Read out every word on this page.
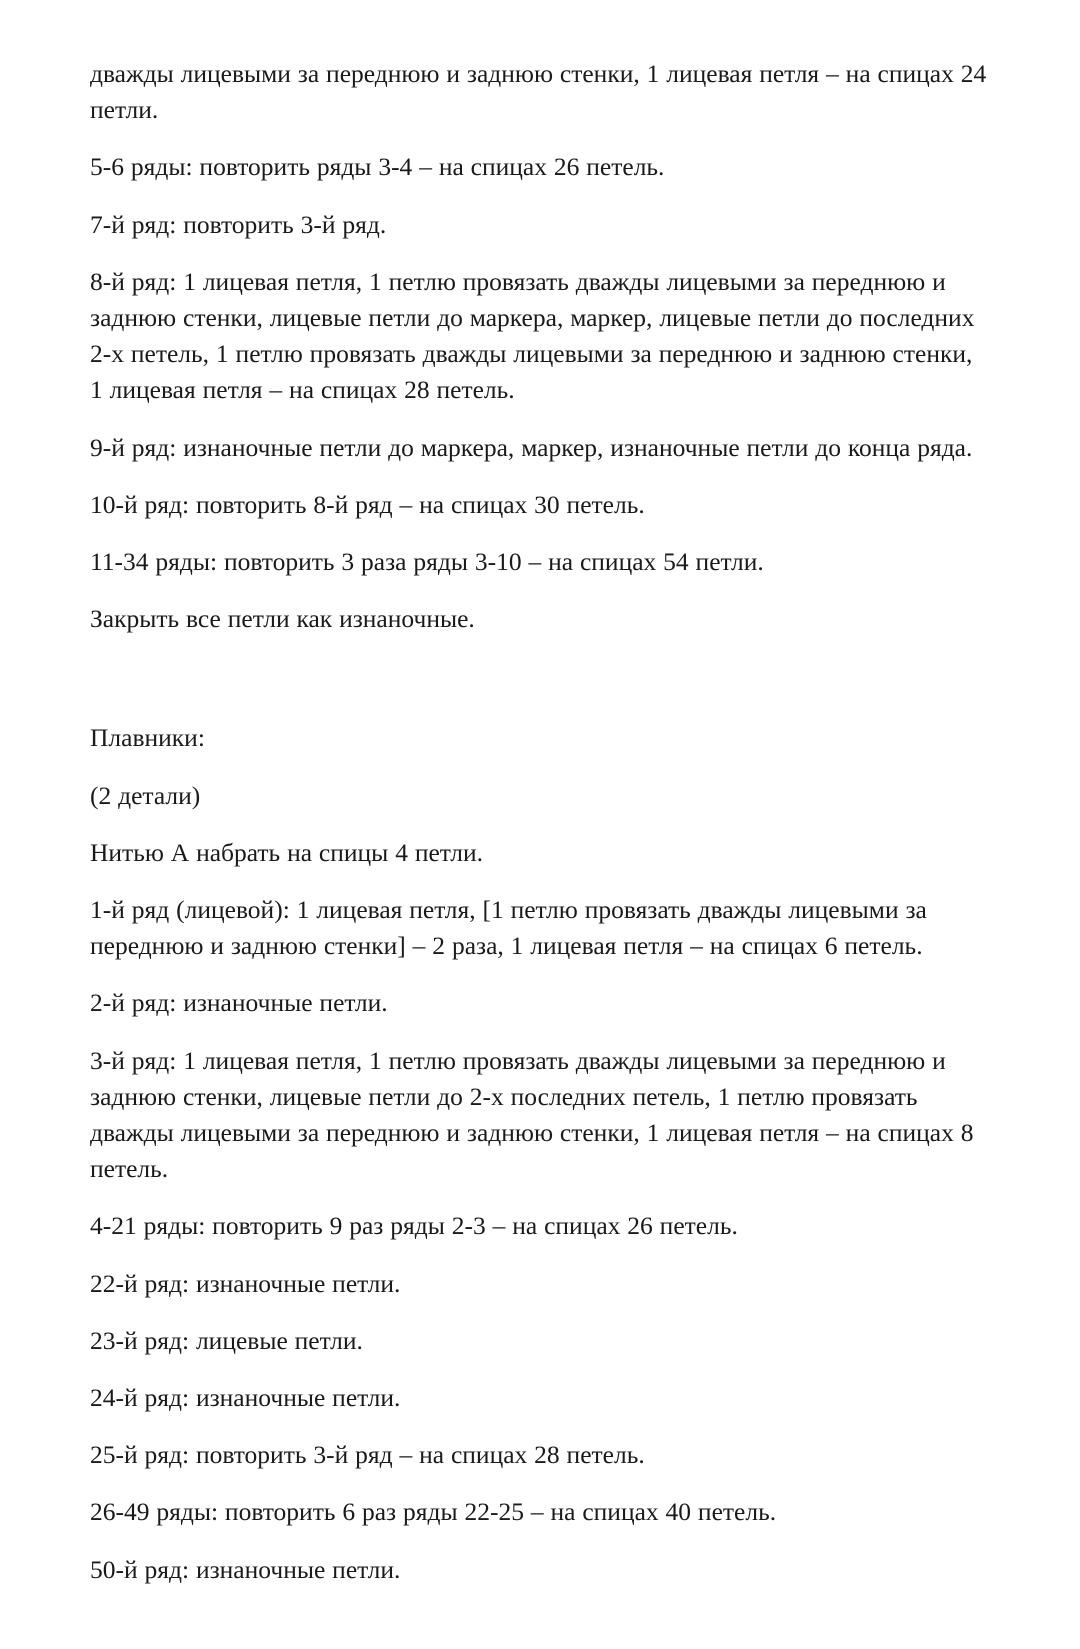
дважды лицевыми за переднюю и заднюю стенки, 1 лицевая петля – на спицах 24 петли.

5-6 ряды: повторить ряды 3-4 – на спицах 26 петель.

7-й ряд: повторить 3-й ряд.

8-й ряд: 1 лицевая петля, 1 петлю провязать дважды лицевыми за переднюю и заднюю стенки, лицевые петли до маркера, маркер, лицевые петли до последних 2-х петель, 1 петлю провязать дважды лицевыми за переднюю и заднюю стенки, 1 лицевая петля – на спицах 28 петель.

9-й ряд: изнаночные петли до маркера, маркер, изнаночные петли до конца ряда.

10-й ряд: повторить 8-й ряд – на спицах 30 петель.

11-34 ряды: повторить 3 раза ряды 3-10 – на спицах 54 петли.

Закрыть все петли как изнаночные.

Плавники:

(2 детали)

Нитью А набрать на спицы 4 петли.

1-й ряд (лицевой): 1 лицевая петля, [1 петлю провязать дважды лицевыми за переднюю и заднюю стенки] – 2 раза, 1 лицевая петля – на спицах 6 петель.

2-й ряд: изнаночные петли.

3-й ряд: 1 лицевая петля, 1 петлю провязать дважды лицевыми за переднюю и заднюю стенки, лицевые петли до 2-х последних петель, 1 петлю провязать дважды лицевыми за переднюю и заднюю стенки, 1 лицевая петля – на спицах 8 петель.

4-21 ряды: повторить 9 раз ряды 2-3 – на спицах 26 петель.

22-й ряд: изнаночные петли.

23-й ряд: лицевые петли.

24-й ряд: изнаночные петли.

25-й ряд: повторить 3-й ряд – на спицах 28 петель.

26-49 ряды: повторить 6 раз ряды 22-25 – на спицах 40 петель.

50-й ряд: изнаночные петли.
